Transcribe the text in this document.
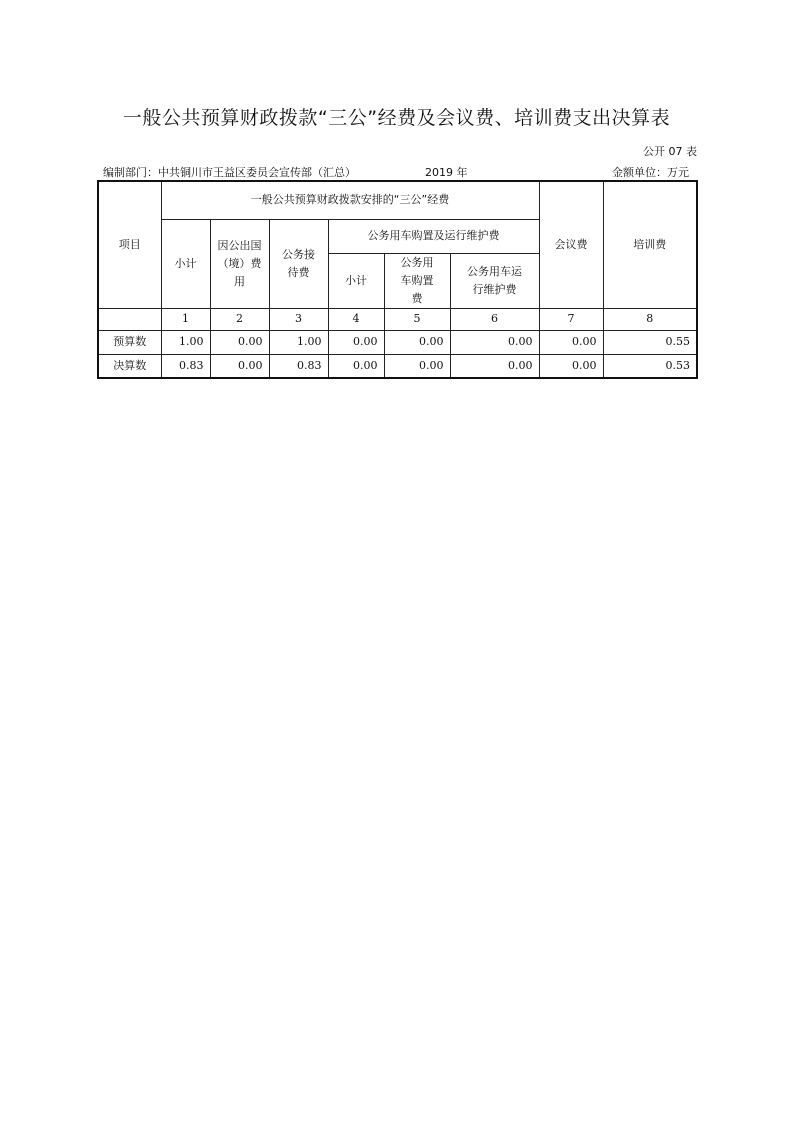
一般公共预算财政拨款“三公”经费及会议费、培训费支出决算表
公开 07 表
编制部门：中共铜川市王益区委员会宣传部（汇总）	2019 年	金额单位：万元
项目	一般公共预算财政拨款安排的“三公”经费						会议费	培训费
	小计	因公出国（境）费用	公务接待费	公务用车购置及运行维护费				
				小计	公务用车购置费	公务用车运行维护费		
	1	2	3	4	5	6	7	8
预算数	1.00	0.00	1.00	0.00	0.00	0.00	0.00	0.55
决算数	0.83	0.00	0.83	0.00	0.00	0.00	0.00	0.53
